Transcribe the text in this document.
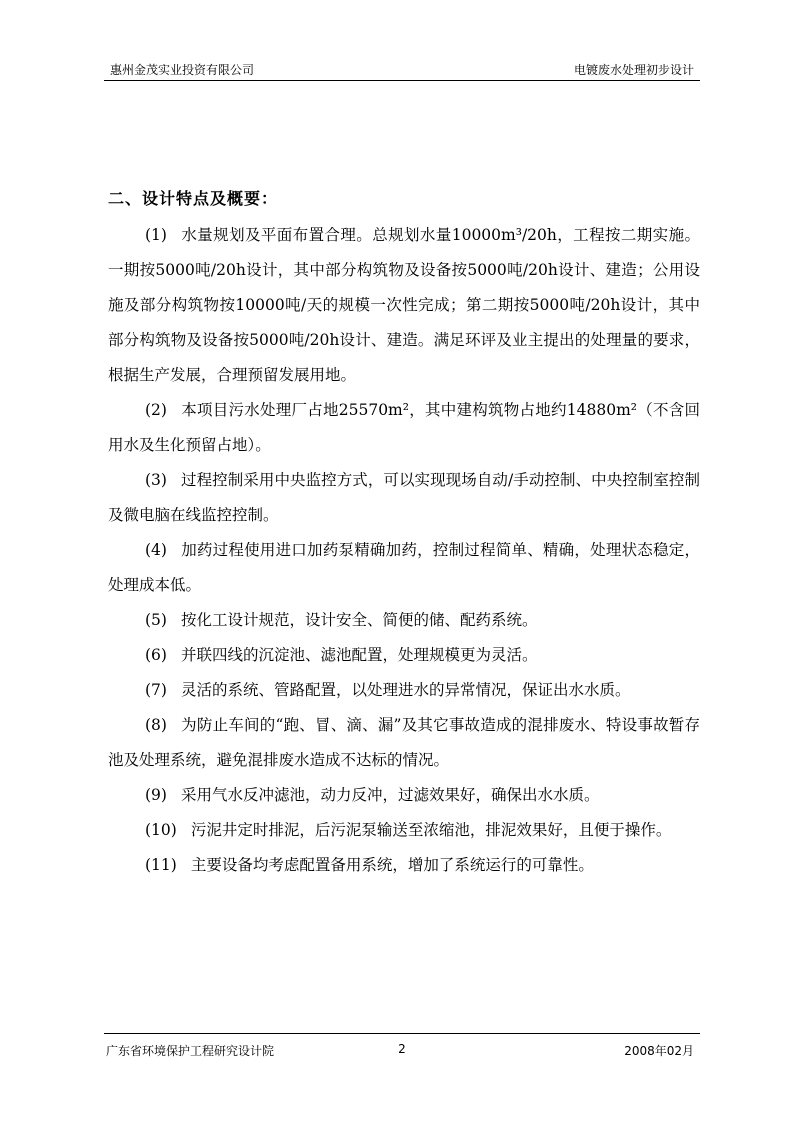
惠州金茂实业投资有限公司	电镀废水处理初步设计
二、设计特点及概要：

(1) 水量规划及平面布置合理。总规划水量10000m³/20h，工程按二期实施。一期按5000吨/20h设计，其中部分构筑物及设备按5000吨/20h设计、建造；公用设施及部分构筑物按10000吨/天的规模一次性完成；第二期按5000吨/20h设计，其中部分构筑物及设备按5000吨/20h设计、建造。满足环评及业主提出的处理量的要求，根据生产发展，合理预留发展用地。

(2) 本项目污水处理厂占地25570m²，其中建构筑物占地约14880m²（不含回用水及生化预留占地）。

(3) 过程控制采用中央监控方式，可以实现现场自动/手动控制、中央控制室控制及微电脑在线监控控制。

(4) 加药过程使用进口加药泵精确加药，控制过程简单、精确，处理状态稳定，处理成本低。

(5) 按化工设计规范，设计安全、简便的储、配药系统。

(6) 并联四线的沉淀池、滤池配置，处理规模更为灵活。

(7) 灵活的系统、管路配置，以处理进水的异常情况，保证出水水质。

(8) 为防止车间的“跑、冒、滴、漏”及其它事故造成的混排废水、特设事故暂存池及处理系统，避免混排废水造成不达标的情况。

(9) 采用气水反冲滤池，动力反冲，过滤效果好，确保出水水质。

(10) 污泥井定时排泥，后污泥泵输送至浓缩池，排泥效果好，且便于操作。

(11) 主要设备均考虑配置备用系统，增加了系统运行的可靠性。

广东省环境保护工程研究设计院	2	2008年02月
